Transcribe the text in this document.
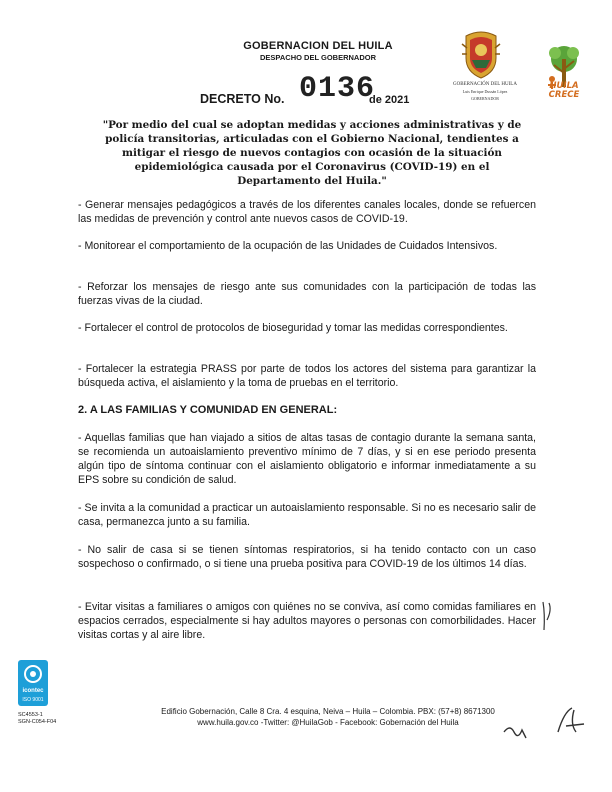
GOBERNACION DEL HUILA
DESPACHO DEL GOBERNADOR
DECRETO No. 0136
de 2021
GOBERNACIÓN DEL HUILA
Luis Enrique Dussán López
GOBERNADOR
HUILA
CRECE
"Por medio del cual se adoptan medidas y acciones administrativas y de policía transitorias, articuladas con el Gobierno Nacional, tendientes a mitigar el riesgo de nuevos contagios con ocasión de la situación epidemiológica causada por el Coronavirus (COVID-19) en el Departamento del Huila."
- Generar mensajes pedagógicos a través de los diferentes canales locales, donde se refuercen las medidas de prevención y control ante nuevos casos de COVID-19.
- Monitorear el comportamiento de la ocupación de las Unidades de Cuidados Intensivos.
- Reforzar los mensajes de riesgo ante sus comunidades con la participación de todas las fuerzas vivas de la ciudad.
- Fortalecer el control de protocolos de bioseguridad y tomar las medidas correspondientes.
- Fortalecer la estrategia PRASS por parte de todos los actores del sistema para garantizar la búsqueda activa, el aislamiento y la toma de pruebas en el territorio.
2. A LAS FAMILIAS Y COMUNIDAD EN GENERAL:
- Aquellas familias que han viajado a sitios de altas tasas de contagio durante la semana santa, se recomienda un autoaislamiento preventivo mínimo de 7 días, y si en ese periodo presenta algún tipo de síntoma continuar con el aislamiento obligatorio e informar inmediatamente a su EPS sobre su condición de salud.
- Se invita a la comunidad a practicar un autoaislamiento responsable. Si no es necesario salir de casa, permanezca junto a su familia.
- No salir de casa si se tienen síntomas respiratorios, si ha tenido contacto con un caso sospechoso o confirmado, o si tiene una prueba positiva para COVID-19 de los últimos 14 días.
- Evitar visitas a familiares o amigos con quiénes no se conviva, así como comidas familiares en espacios cerrados, especialmente si hay adultos mayores o personas con comorbilidades. Hacer visitas cortas y al aire libre.
icontec
ISO 9001
SC4553-1
SGN-C054-F04
Edificio Gobernación, Calle 8 Cra. 4 esquina, Neiva – Huila – Colombia. PBX: (57+8) 8671300
www.huila.gov.co -Twitter: @HuilaGob - Facebook: Gobernación del Huila
